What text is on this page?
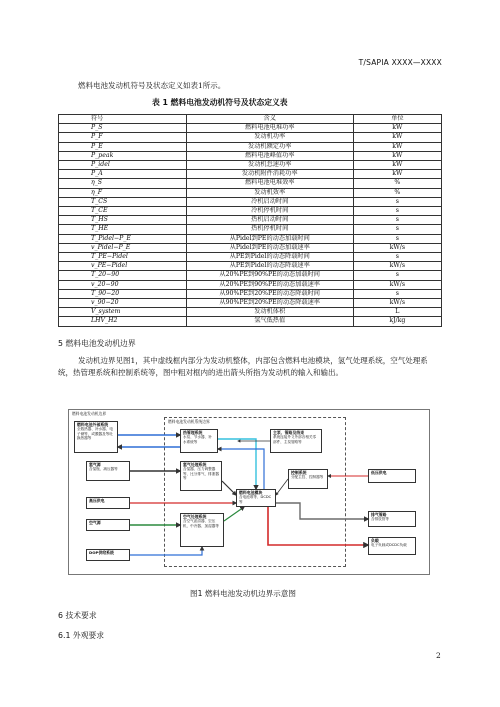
T/SAPIA XXXX—XXXX
燃料电池发动机符号及状态定义如表1所示。
表 1 燃料电池发动机符号及状态定义表
符号	含义	单位
P_S	燃料电池电堆功率	kW
P_F	发动机功率	kW
P_E	发动机额定功率	kW
P_peak	燃料电池峰值功率	kW
P_idel	发动机怠速功率	kW
P_A	发动机附件消耗功率	kW
η_S	燃料电池电堆效率	%
η_F	发动机效率	%
T_CS	冷机启动时间	s
T_CE	冷机停机时间	s
T_HS	热机启动时间	s
T_HE	热机停机时间	s
T_Pidel−P_E	从Pidel到PE的动态加载时间	s
v_Pidel−P_E	从Pidel到PE的动态加载速率	kW/s
T_PE−Pidel	从PE到Pidel的动态降载时间	s
v_PE−Pidel	从PE到Pidel的动态降载速率	kW/s
T_20−90	从20%PE到90%PE的动态加载时间	s
v_20−90	从20%PE到90%PE的动态加载速率	kW/s
T_90−20	从90%PE到20%PE的动态降载时间	s
v_90−20	从90%PE到20%PE的动态降载速率	kW/s
V_system	发动机体积	L
LHV_H2	氢气低热值	kJ/kg
5 燃料电池发动机边界
发动机边界见图1，其中虚线框内部分为发动机整体，内部包含燃料电池模块，氢气处理系统，空气处理系统，热管理系统和控制系统等，图中粗对框内的进出箭头所指为发动机的输入和输出。
燃料电池发动机边界
燃料电池发动机系统边界
燃料电池外部系统
全数热器、补水器、电子储等，或膜器及等吐换热器等
热管理系统
水泵、节水器、补水系统等
主泵、管路及线束
系统连接外义外部各相关零部件、主泵管路等
控制系统
分配主控、控制器等
氢气源
含氢瓶、减压器等
氢气处理系统
含氢器、压力调整器等、比分排气、排泄器等
燃料电池模块
含电池堆等、DCDC等
高压供电
空气源
空气处理系统
含空气滤清器、空压机、中冷器、加湿器等
DOP供给系统
低压供电
排气管路
含排放管等
负载
电子负载或DCDC负载
图1 燃料电池发动机边界示意图
6 技术要求
6.1 外观要求
2
